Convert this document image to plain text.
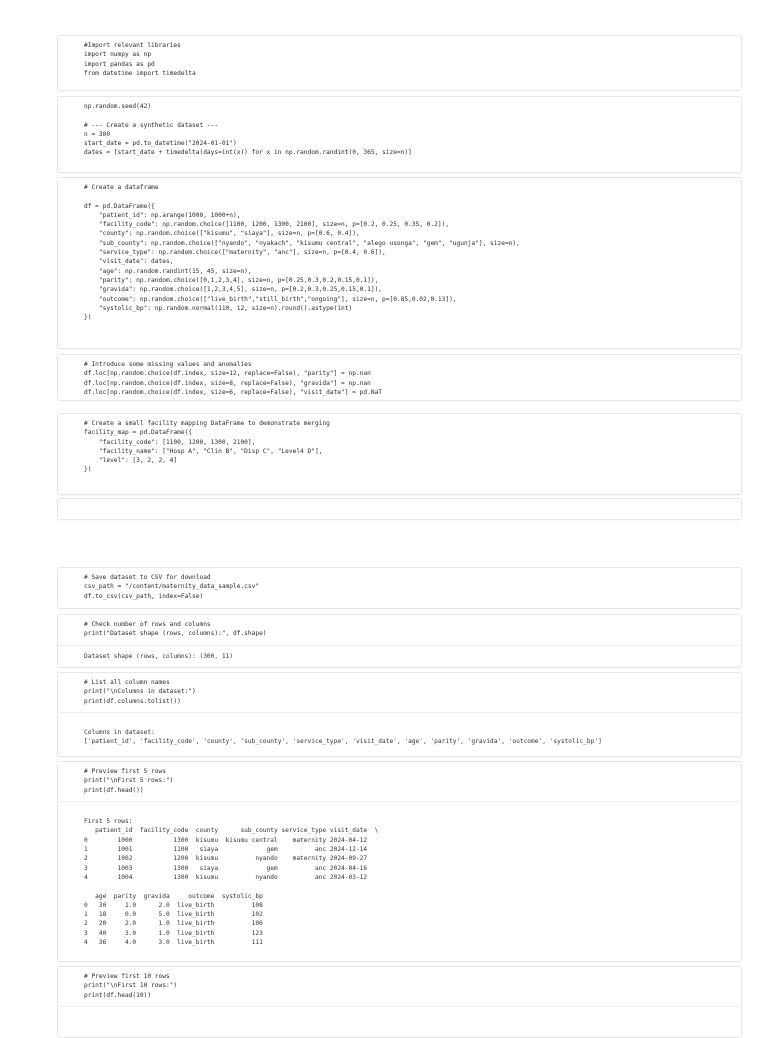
#Import relevant libraries
import numpy as np
import pandas as pd
from datetime import timedelta
np.random.seed(42)

# --- Create a synthetic dataset ---
n = 300
start_date = pd.to_datetime("2024-01-01")
dates = [start_date + timedelta(days=int(x)) for x in np.random.randint(0, 365, size=n)]
# Create a dataframe

df = pd.DataFrame({
"patient_id": np.arange(1000, 1000+n),
"facility_code": np.random.choice([1100, 1200, 1300, 2100], size=n, p=[0.2, 0.25, 0.35, 0.2]),
"county": np.random.choice(["kisumu", "siaya"], size=n, p=[0.6, 0.4]),
"sub_county": np.random.choice(["nyando", "nyakach", "kisumu central", "alego usonga", "gem", "ugunja"], size=n),
"service_type": np.random.choice(["maternity", "anc"], size=n, p=[0.4, 0.6]),
"visit_date": dates,
"age": np.random.randint(15, 45, size=n),
"parity": np.random.choice([0,1,2,3,4], size=n, p=[0.25,0.3,0.2,0.15,0.1]),
"gravida": np.random.choice([1,2,3,4,5], size=n, p=[0.2,0.3,0.25,0.15,0.1]),
"outcome": np.random.choice(["live_birth","still_birth","ongoing"], size=n, p=[0.85,0.02,0.13]),
"systolic_bp": np.random.normal(110, 12, size=n).round().astype(int)
})
# Introduce some missing values and anomalies
df.loc[np.random.choice(df.index, size=12, replace=False), "parity"] = np.nan
df.loc[np.random.choice(df.index, size=8, replace=False), "gravida"] = np.nan
df.loc[np.random.choice(df.index, size=6, replace=False), "visit_date"] = pd.NaT
# Create a small facility mapping DataFrame to demonstrate merging
facility_map = pd.DataFrame({
"facility_code": [1100, 1200, 1300, 2100],
"facility_name": ["Hosp A", "Clin B", "Disp C", "Level4 D"],
"level": [3, 2, 2, 4]
})
# Save dataset to CSV for download
csv_path = "/content/maternity_data_sample.csv"
df.to_csv(csv_path, index=False)
# Check number of rows and columns
print("Dataset shape (rows, columns):", df.shape)
Dataset shape (rows, columns): (300, 11)
# List all column names
print("\nColumns in dataset:")
print(df.columns.tolist())

Columns in dataset:
['patient_id', 'facility_code', 'county', 'sub_county', 'service_type', 'visit_date', 'age', 'parity', 'gravida', 'outcome', 'systolic_bp']
# Preview first 5 rows
print("\nFirst 5 rows:")
print(df.head())

First 5 rows:
patient_id  facility_code  county      sub_county service_type visit_date  \
0        1000           1300  kisumu  kisumu central    maternity 2024-04-12
1        1001           1100   siaya             gem          anc 2024-12-14
2        1002           1200  kisumu          nyando    maternity 2024-09-27
3        1003           1300   siaya             gem          anc 2024-04-16
4        1004           1300  kisumu          nyando          anc 2024-03-12

age  parity  gravida     outcome  systolic_bp
0   30     1.0      2.0  live_birth          108
1   18     0.0      5.0  live_birth          102
2   20     2.0      1.0  live_birth          106
3   40     3.0      1.0  live_birth          123
4   36     4.0      3.0  live_birth          111
# Preview first 10 rows
print("\nFirst 10 rows:")
print(df.head(10))
